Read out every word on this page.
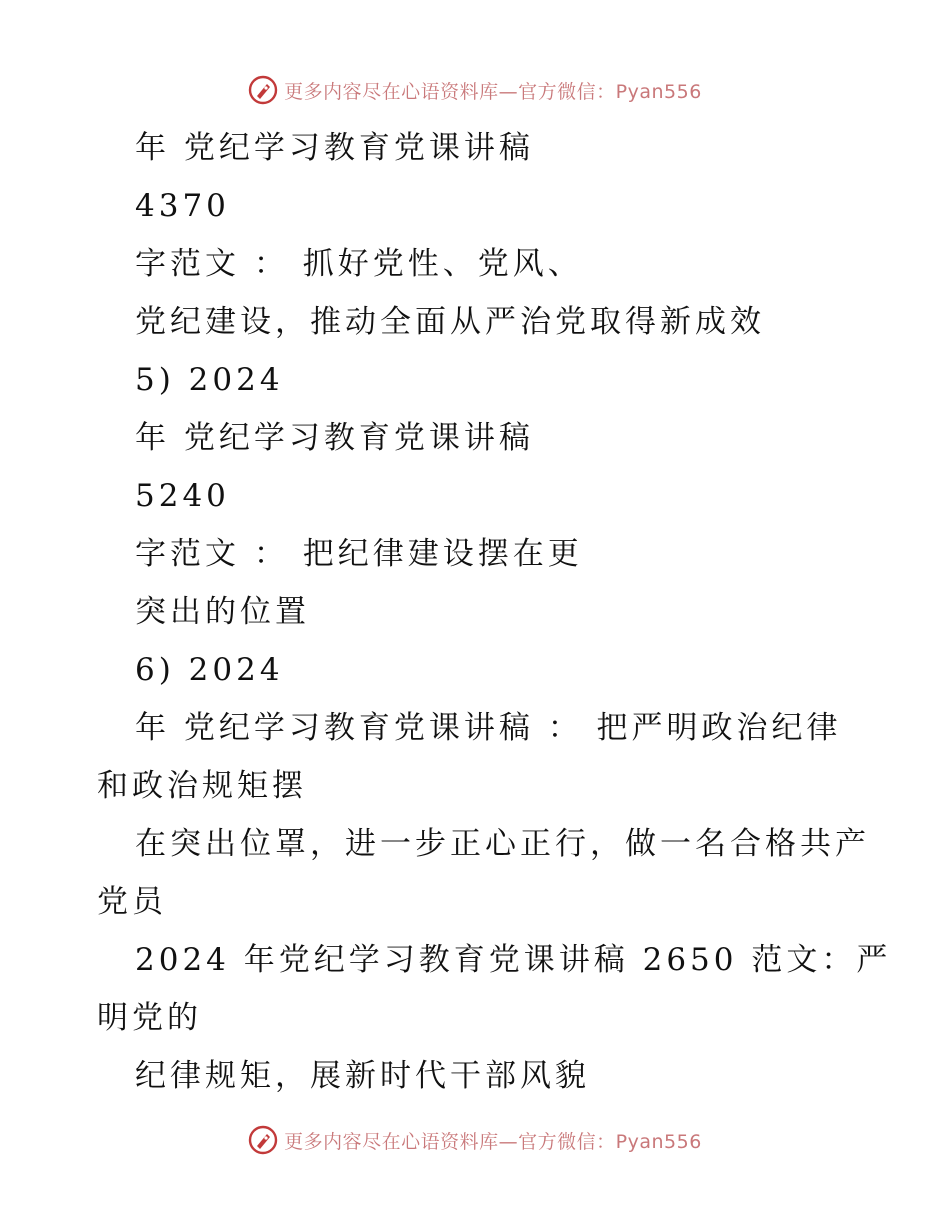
更多内容尽在心语资料库—官方微信：Pyan556
年 党纪学习教育党课讲稿
4370
字范文 ： 抓好党性、党风、
党纪建设，推动全面从严治党取得新成效
5) 2024
年 党纪学习教育党课讲稿
5240
字范文 ： 把纪律建设摆在更
突出的位置
6) 2024
年 党纪学习教育党课讲稿 ： 把严明政治纪律
和政治规矩摆
在突出位罩，进一步正心正行，做一名合格共产
党员
2024 年党纪学习教育党课讲稿 2650 范文：严
明党的
纪律规矩，展新时代干部风貌
更多内容尽在心语资料库—官方微信：Pyan556
